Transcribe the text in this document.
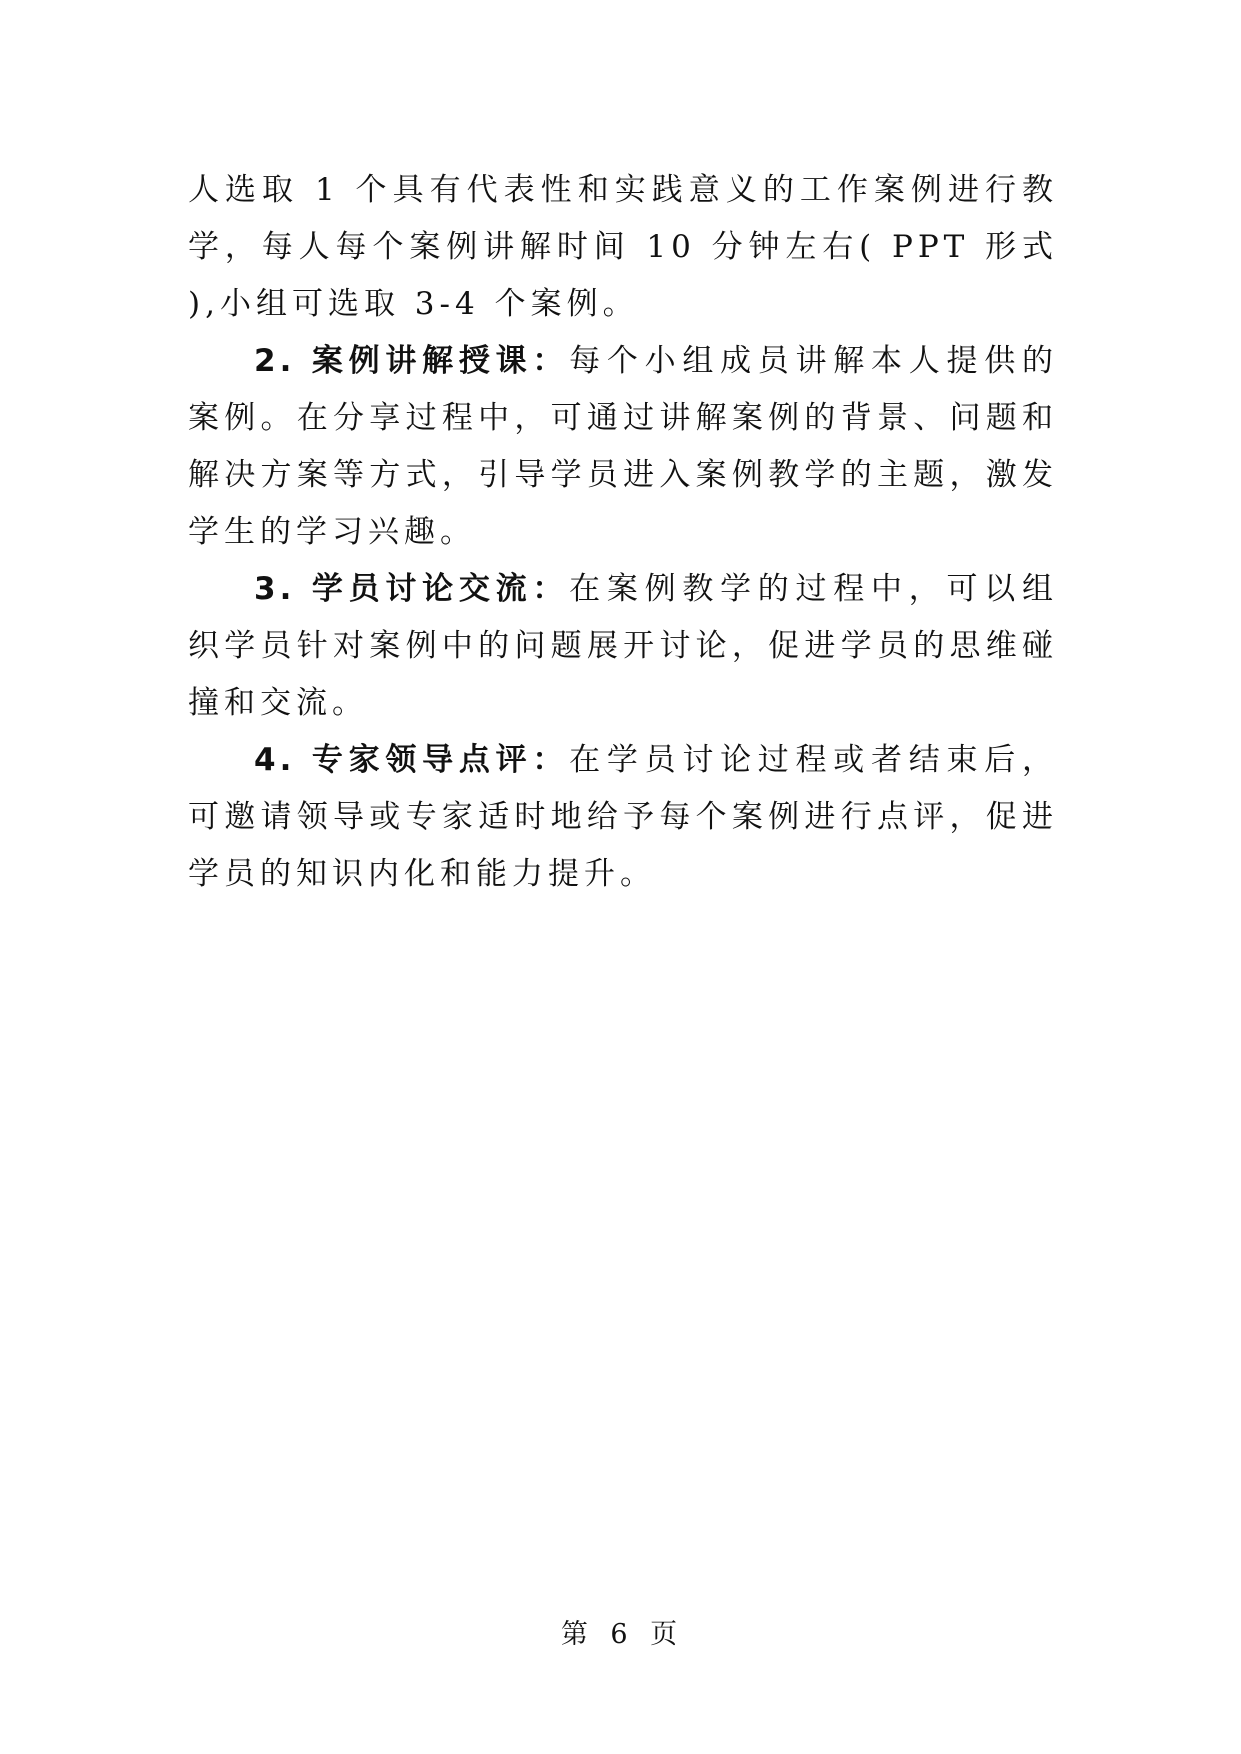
人选取 1 个具有代表性和实践意义的工作案例进行教学，每人每个案例讲解时间 10 分钟左右( PPT 形式 ),小组可选取 3-4 个案例。

2. 案例讲解授课：每个小组成员讲解本人提供的案例。在分享过程中，可通过讲解案例的背景、问题和解决方案等方式，引导学员进入案例教学的主题，激发学生的学习兴趣。

3. 学员讨论交流：在案例教学的过程中，可以组织学员针对案例中的问题展开讨论，促进学员的思维碰撞和交流。

4. 专家领导点评：在学员讨论过程或者结束后，可邀请领导或专家适时地给予每个案例进行点评，促进学员的知识内化和能力提升。

第 6 页
